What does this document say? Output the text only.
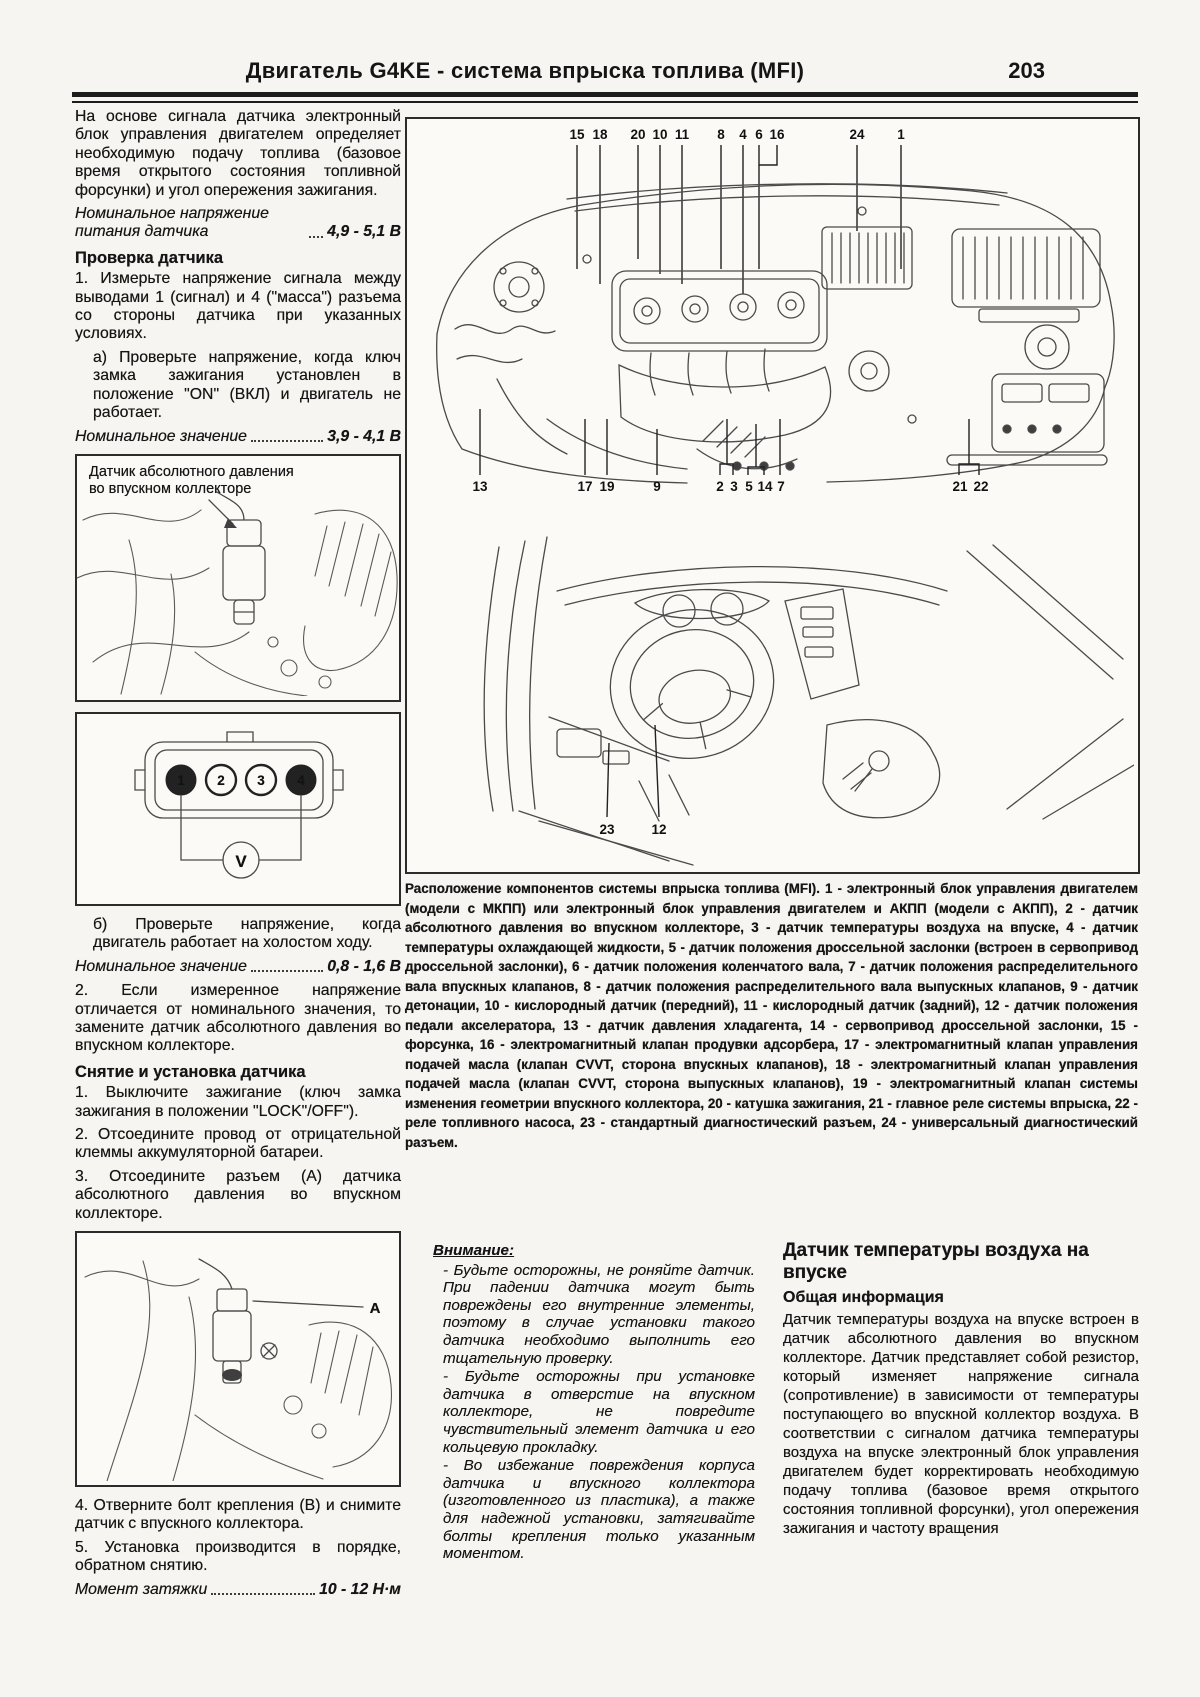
Двигатель G4KE - система впрыска топлива (MFI)	203

На основе сигнала датчика электронный блок управления двигателем определяет необходимую подачу топлива (базовое время открытого состояния топливной форсунки) и угол опережения зажигания.

Номинальное напряжение питания датчика	4,9 - 5,1 В
Проверка датчика

1. Измерьте напряжение сигнала между выводами 1 (сигнал) и 4 ("масса") разъема со стороны датчика при указанных условиях.

а) Проверьте напряжение, когда ключ замка зажигания установлен в положение "ON" (ВКЛ) и двигатель не работает.

Номинальное значение	3,9 - 4,1 В
Датчик абсолютного давления во впускном коллекторе
1 2 3 4
V

б) Проверьте напряжение, когда двигатель работает на холостом ходу.

Номинальное значение	0,8 - 1,6 В

2. Если измеренное напряжение отличается от номинального значения, то замените датчик абсолютного давления во впускном коллекторе.

Снятие и установка датчика

1. Выключите зажигание (ключ замка зажигания в положении "LOCK"/OFF").

2. Отсоедините провод от отрицательной клеммы аккумуляторной батареи.

3. Отсоедините разъем (А) датчика абсолютного давления во впускном коллекторе.

A

4. Отверните болт крепления (В) и снимите датчик с впускного коллектора.

5. Установка производится в порядке, обратном снятию.

Момент затяжки	10 - 12 Н·м
15 18 20 10 11 8 4 6 16	24 1
13	17 19	9	2 3 5 14 7	21 22
23	12
Расположение компонентов системы впрыска топлива (MFI). 1 - электронный блок управления двигателем (модели с МКПП) или электронный блок управления двигателем и АКПП (модели с АКПП), 2 - датчик абсолютного давления во впускном коллекторе, 3 - датчик температуры воздуха на впуске, 4 - датчик температуры охлаждающей жидкости, 5 - датчик положения дроссельной заслонки (встроен в сервопривод дроссельной заслонки), 6 - датчик положения коленчатого вала, 7 - датчик положения распределительного вала впускных клапанов, 8 - датчик положения распределительного вала выпускных клапанов, 9 - датчик детонации, 10 - кислородный датчик (передний), 11 - кислородный датчик (задний), 12 - датчик положения педали акселератора, 13 - датчик давления хладагента, 14 - сервопривод дроссельной заслонки, 15 - форсунка, 16 - электромагнитный клапан продувки адсорбера, 17 - электромагнитный клапан управления подачей масла (клапан CVVT, сторона впускных клапанов), 18 - электромагнитный клапан управления подачей масла (клапан CVVT, сторона выпускных клапанов), 19 - электромагнитный клапан системы изменения геометрии впускного коллектора, 20 - катушка зажигания, 21 - главное реле системы впрыска, 22 - реле топливного насоса, 23 - стандартный диагностический разъем, 24 - универсальный диагностический разъем.
Внимание:

- Будьте осторожны, не роняйте датчик. При падении датчика могут быть повреждены его внутренние элементы, поэтому в случае установки такого датчика необходимо выполнить его тщательную проверку.

- Будьте осторожны при установке датчика в отверстие на впускном коллекторе, не повредите чувствительный элемент датчика и его кольцевую прокладку.

- Во избежание повреждения корпуса датчика и впускного коллектора (изготовленного из пластика), а также для надежной установки, затягивайте болты крепления только указанным моментом.

Датчик температуры воздуха на впуске
Общая информация

Датчик температуры воздуха на впуске встроен в датчик абсолютного давления во впускном коллекторе. Датчик представляет собой резистор, который изменяет напряжение сигнала (сопротивление) в зависимости от температуры поступающего во впускной коллектор воздуха. В соответствии с сигналом датчика температуры воздуха на впуске электронный блок управления двигателем будет корректировать необходимую подачу топлива (базовое время открытого состояния топливной форсунки), угол опережения зажигания и частоту вращения
